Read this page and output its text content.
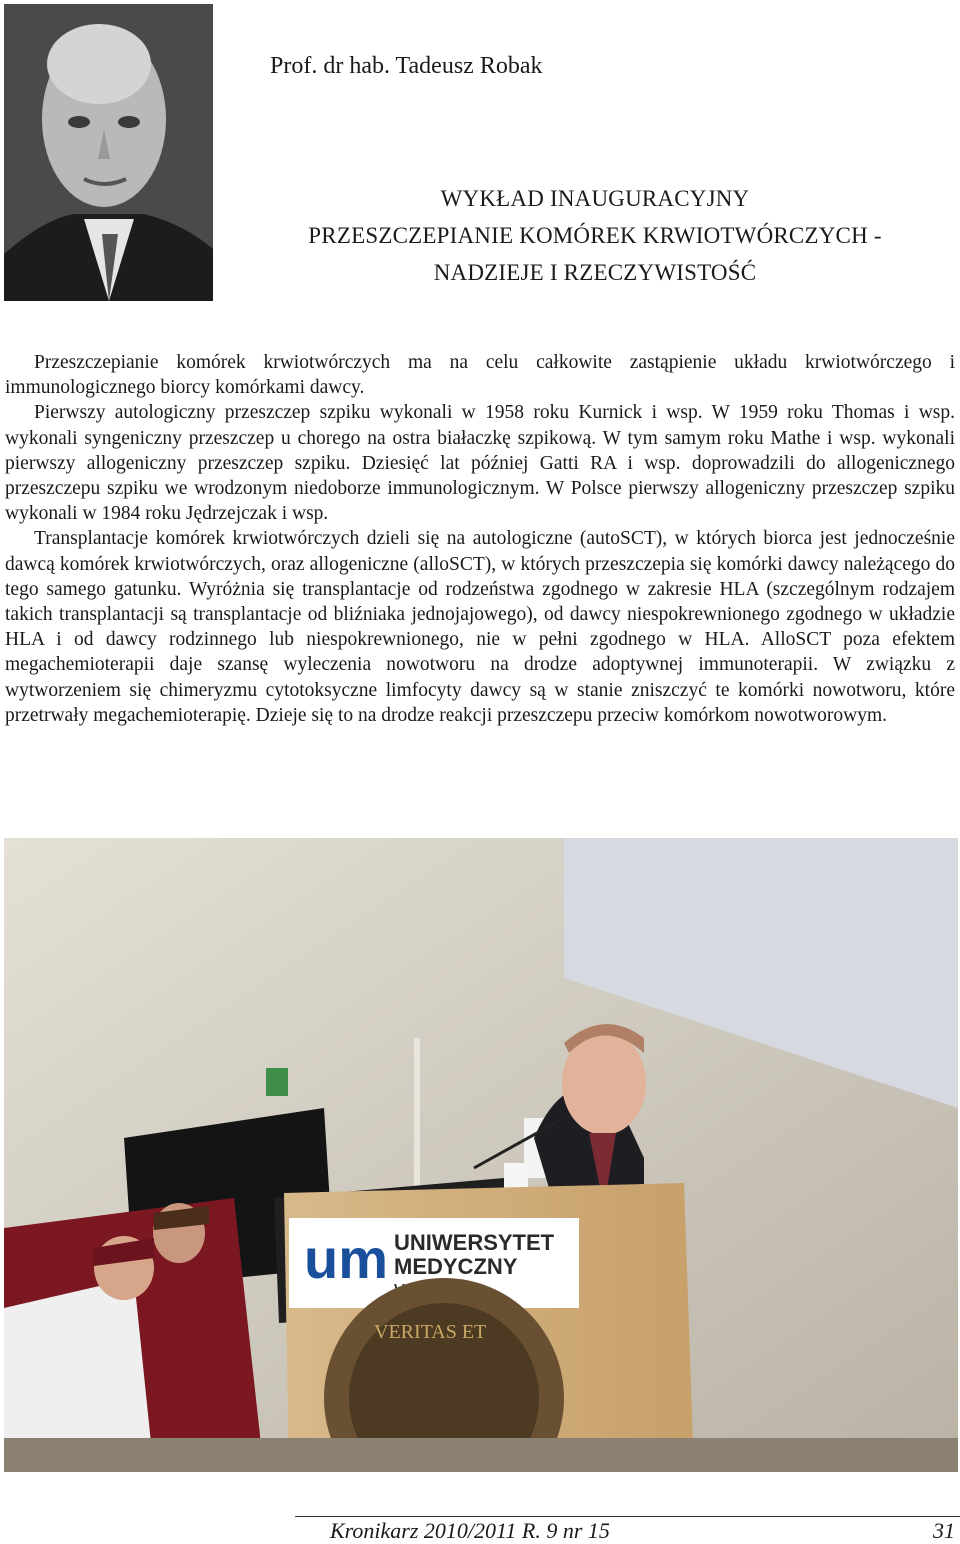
Prof. dr hab. Tadeusz Robak
WYKŁAD INAUGURACYJNY
PRZESZCZEPIANIE KOMÓREK KRWIOTWÓRCZYCH -
NADZIEJE I RZECZYWISTOŚĆ

Przeszczepianie komórek krwiotwórczych ma na celu całkowite zastąpienie układu krwiotwórczego i immunologicznego biorcy komórkami dawcy.

Pierwszy autologiczny przeszczep szpiku wykonali w 1958 roku Kurnick i wsp. W 1959 roku Thomas i wsp. wykonali syngeniczny przeszczep u chorego na ostra białaczkę szpikową. W tym samym roku Mathe i wsp. wykonali pierwszy allogeniczny przeszczep szpiku. Dziesięć lat później Gatti RA i wsp. doprowadzili do allogenicznego przeszczepu szpiku we wrodzonym niedoborze immunologicznym. W Polsce pierwszy allogeniczny przeszczep szpiku wykonali w 1984 roku Jędrzejczak i wsp.

Transplantacje komórek krwiotwórczych dzieli się na autologiczne (autoSCT), w których biorca jest jednocześnie dawcą komórek krwiotwórczych, oraz allogeniczne (alloSCT), w których przeszczepia się komórki dawcy należącego do tego samego gatunku. Wyróżnia się transplantacje od rodzeństwa zgodnego w zakresie HLA (szczególnym rodzajem takich transplantacji są transplantacje od bliźniaka jednojajowego), od dawcy niespokrewnionego zgodnego w układzie HLA i od dawcy rodzinnego lub niespokrewnionego, nie w pełni zgodnego w HLA. AlloSCT poza efektem megachemioterapii daje szansę wyleczenia nowotworu na drodze adoptywnej immunoterapii. W związku z wytworzeniem się chimeryzmu cytotoksyczne limfocyty dawcy są w stanie zniszczyć te komórki nowotworu, które przetrwały megachemioterapię. Dzieje się to na drodze reakcji przeszczepu przeciw komórkom nowotworowym.

um UNIWERSYTET
MEDYCZNY
VERITAS ET
Kronikarz 2010/2011 R. 9 nr 15	31
